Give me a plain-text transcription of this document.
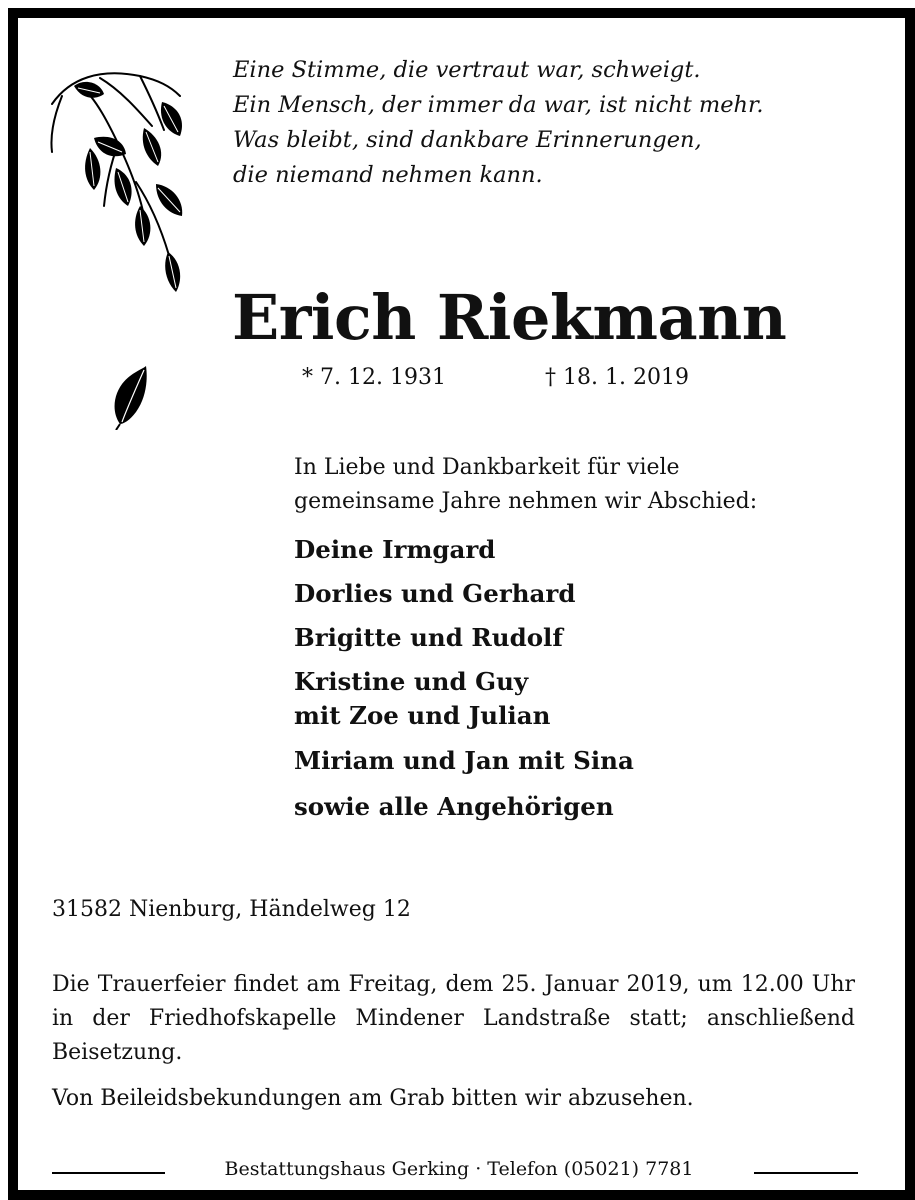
Eine Stimme, die vertraut war, schweigt.
Ein Mensch, der immer da war, ist nicht mehr.
Was bleibt, sind dankbare Erinnerungen,
die niemand nehmen kann.
Erich Riekmann
* 7. 12. 1931	† 18. 1. 2019
In Liebe und Dankbarkeit für viele
gemeinsame Jahre nehmen wir Abschied:
Deine Irmgard
Dorlies und Gerhard
Brigitte und Rudolf
Kristine und Guy
mit Zoe und Julian
Miriam und Jan mit Sina
sowie alle Angehörigen
31582 Nienburg, Händelweg 12
Die Trauerfeier findet am Freitag, dem 25. Januar 2019, um 12.00 Uhr in der Friedhofskapelle Mindener Landstraße statt; anschließend Beisetzung.
Von Beileidsbekundungen am Grab bitten wir abzusehen.
Bestattungshaus Gerking · Telefon (05021) 7781
